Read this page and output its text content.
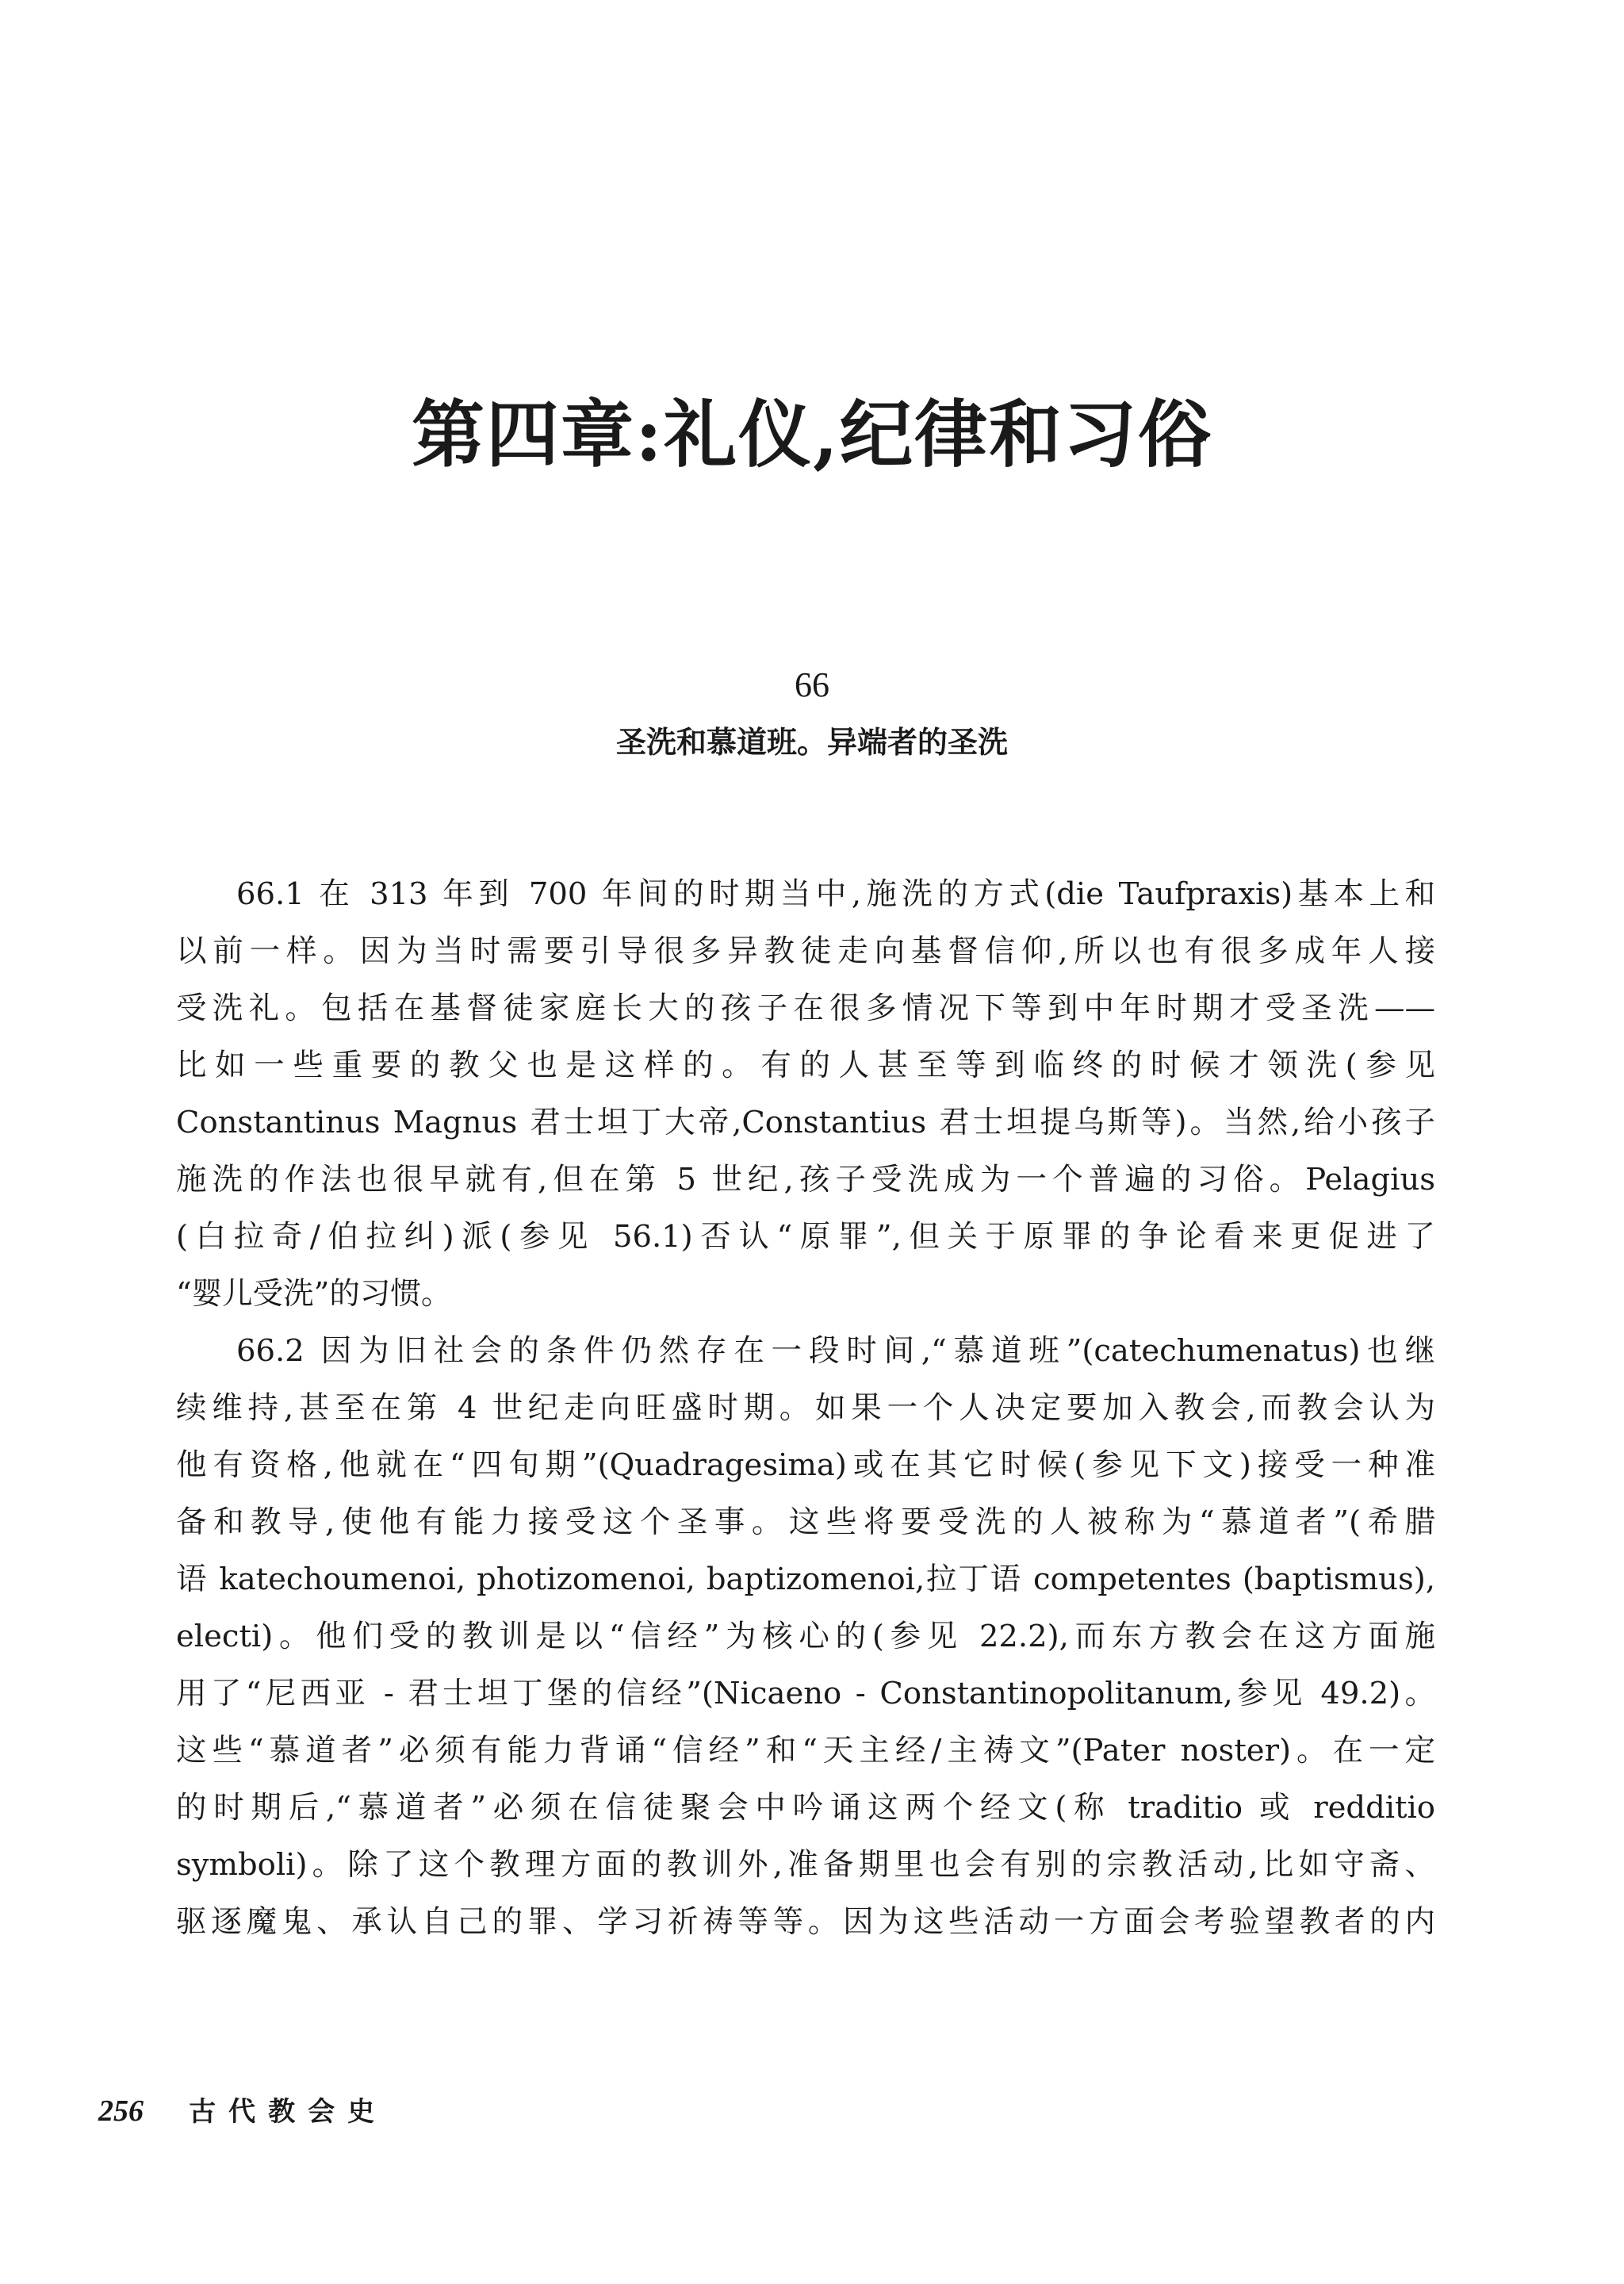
第四章:礼仪,纪律和习俗
66
圣洗和慕道班。异端者的圣洗
66.1 在 313 年到 700 年间的时期当中,施洗的方式(die Taufpraxis)基本上和
以前一样。因为当时需要引导很多异教徒走向基督信仰,所以也有很多成年人接
受洗礼。包括在基督徒家庭长大的孩子在很多情况下等到中年时期才受圣洗——
比如一些重要的教父也是这样的。有的人甚至等到临终的时候才领洗(参见
Constantinus Magnus 君士坦丁大帝,Constantius 君士坦提乌斯等)。当然,给小孩子
施洗的作法也很早就有,但在第 5 世纪,孩子受洗成为一个普遍的习俗。Pelagius
(白拉奇/伯拉纠)派(参见 56.1)否认“原罪”,但关于原罪的争论看来更促进了
“婴儿受洗”的习惯。
66.2 因为旧社会的条件仍然存在一段时间,“慕道班”(catechumenatus)也继
续维持,甚至在第 4 世纪走向旺盛时期。如果一个人决定要加入教会,而教会认为
他有资格,他就在“四旬期”(Quadragesima)或在其它时候(参见下文)接受一种准
备和教导,使他有能力接受这个圣事。这些将要受洗的人被称为“慕道者”(希腊
语 katechoumenoi, photizomenoi, baptizomenoi,拉丁语 competentes (baptismus),
electi)。他们受的教训是以“信经”为核心的(参见 22.2),而东方教会在这方面施
用了“尼西亚 - 君士坦丁堡的信经”(Nicaeno - Constantinopolitanum,参见 49.2)。
这些“慕道者”必须有能力背诵“信经”和“天主经/主祷文”(Pater noster)。在一定
的时期后,“慕道者”必须在信徒聚会中吟诵这两个经文(称 traditio 或 redditio
symboli)。除了这个教理方面的教训外,准备期里也会有别的宗教活动,比如守斋、
驱逐魔鬼、承认自己的罪、学习祈祷等等。因为这些活动一方面会考验望教者的内
256 古代教会史
